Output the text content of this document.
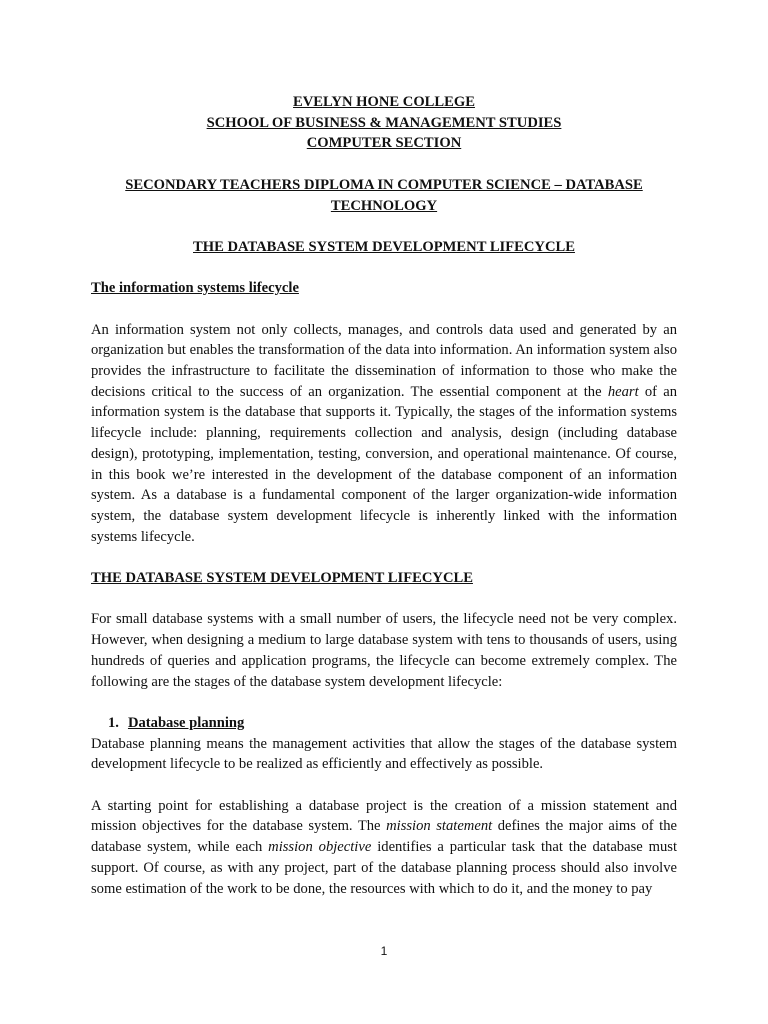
EVELYN HONE COLLEGE

SCHOOL OF BUSINESS & MANAGEMENT STUDIES

COMPUTER SECTION

SECONDARY TEACHERS DIPLOMA IN COMPUTER SCIENCE – DATABASE

TECHNOLOGY

THE DATABASE SYSTEM DEVELOPMENT LIFECYCLE

The information systems lifecycle

An information system not only collects, manages, and controls data used and generated by an organization but enables the transformation of the data into information. An information system also provides the infrastructure to facilitate the dissemination of information to those who make the decisions critical to the success of an organization. The essential component at the heart of an information system is the database that supports it. Typically, the stages of the information systems lifecycle include: planning, requirements collection and analysis, design (including database design), prototyping, implementation, testing, conversion, and operational maintenance. Of course, in this book we’re interested in the development of the database component of an information system. As a database is a fundamental component of the larger organization-wide information system, the database system development lifecycle is inherently linked with the information systems lifecycle.

THE DATABASE SYSTEM DEVELOPMENT LIFECYCLE

For small database systems with a small number of users, the lifecycle need not be very complex. However, when designing a medium to large database system with tens to thousands of users, using hundreds of queries and application programs, the lifecycle can become extremely complex. The following are the stages of the database system development lifecycle:

1. Database planning

Database planning means the management activities that allow the stages of the database system development lifecycle to be realized as efficiently and effectively as possible.

A starting point for establishing a database project is the creation of a mission statement and mission objectives for the database system. The mission statement defines the major aims of the database system, while each mission objective identifies a particular task that the database must support. Of course, as with any project, part of the database planning process should also involve some estimation of the work to be done, the resources with which to do it, and the money to pay

1
